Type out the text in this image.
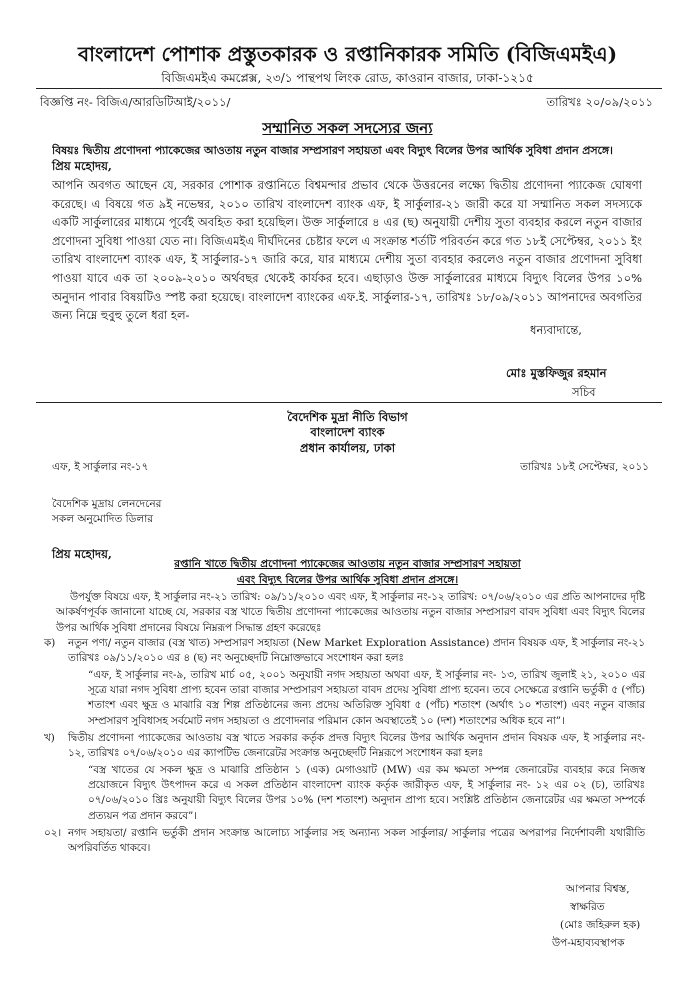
বাংলাদেশ পোশাক প্রস্তুতকারক ও রপ্তানিকারক সমিতি (বিজিএমইএ)
বিজিএমইএ কমপ্লেক্স, ২৩/১ পান্থপথ লিংক রোড, কাওরান বাজার, ঢাকা-১২১৫
বিজ্ঞপ্তি নং- বিজিএ/আরডিটিআই/২০১১/	তারিখঃ ২০/০৯/২০১১
সম্মানিত সকল সদস্যের জন্য
বিষয়ঃ দ্বিতীয় প্রণোদনা প্যাকেজের আওতায় নতুন বাজার সম্প্রসারণ সহায়তা এবং বিদ্যুৎ বিলের উপর আর্থিক সুবিধা প্রদান প্রসঙ্গে।
প্রিয় মহোদয়,
আপনি অবগত আছেন যে, সরকার পোশাক রপ্তানিতে বিশ্বমন্দার প্রভাব থেকে উত্তরনের লক্ষ্যে দ্বিতীয় প্রণোদনা প্যাকেজ ঘোষণা করেছে। এ বিষয়ে গত ৯ই নভেম্বর, ২০১০ তারিখ বাংলাদেশ ব্যাংক এফ, ই সার্কুলার-২১ জারী করে যা সম্মানিত সকল সদস্যকে একটি সার্কুলারের মাধ্যমে পূর্বেই অবহিত করা হয়েছিল। উক্ত সার্কুলারে ৪ এর (ছ) অনুযায়ী দেশীয় সুতা ব্যবহার করলে নতুন বাজার প্রণোদনা সুবিধা পাওয়া যেত না। বিজিএমইএ দীর্ঘদিনের চেষ্টার ফলে এ সংক্রান্ত শর্তটি পরিবর্তন করে গত ১৮ই সেপ্টেম্বর, ২০১১ ইং তারিখ বাংলাদেশ ব্যাংক এফ, ই সার্কুলার-১৭ জারি করে, যার মাধ্যমে দেশীয় সুতা ব্যবহার করলেও নতুন বাজার প্রণোদনা সুবিধা পাওয়া যাবে এক তা ২০০৯-২০১০ অর্থবছর থেকেই কার্যকর হবে। এছাড়াও উক্ত সার্কুলারের মাধ্যমে বিদ্যুৎ বিলের উপর ১০% অনুদান পাবার বিষয়টিও স্পষ্ট করা হয়েছে। বাংলাদেশ ব্যাংকের এফ.ই. সার্কুলার-১৭, তারিখঃ ১৮/০৯/২০১১ আপনাদের অবগতির জন্য নিম্নে হুবুহু তুলে ধরা হল-
ধন্যবাদান্তে,
মোঃ মুস্তফিজুর রহমান
সচিব
বৈদেশিক মুদ্রা নীতি বিভাগ
বাংলাদেশ ব্যাংক
প্রধান কার্যালয়, ঢাকা
এফ, ই সার্কুলার নং-১৭	তারিখঃ ১৮ই সেপ্টেম্বর, ২০১১
বৈদেশিক মুদ্রায় লেনদেনের
সকল অনুমোদিত ডিলার
প্রিয় মহোদয়,
রপ্তানি খাতে দ্বিতীয় প্রণোদনা প্যাকেজের আওতায় নতুন বাজার সম্প্রসারণ সহায়তা
এবং বিদ্যুৎ বিলের উপর আর্থিক সুবিধা প্রদান প্রসঙ্গে।
উপর্যুক্ত বিষয়ে এফ, ই সার্কুলার নং-২১ তারিখ: ০৯/১১/২০১০ এবং এফ, ই সার্কুলার নং-১২ তারিখ: ০৭/০৬/২০১০ এর প্রতি আপনাদের দৃষ্টি আকর্ষণপূর্বক জানানো যাচ্ছে যে, সরকার বস্ত্র খাতে দ্বিতীয় প্রণোদনা প্যাকেজের আওতায় নতুন বাজার সম্প্রসারণ বাবদ সুবিধা এবং বিদ্যুৎ বিলের উপর আর্থিক সুবিধা প্রদানের বিষয়ে নিম্নরূপ সিদ্ধান্ত গ্রহণ করেছেঃ
ক) নতুন পণ্য/ নতুন বাজার (বস্ত্র খাত) সম্প্রসারণ সহায়তা (New Market Exploration Assistance) প্রদান বিষয়ক এফ, ই সার্কুলার নং-২১ তারিখঃ ০৯/১১/২০১০ এর ৪ (ছ) নং অনুচ্ছেদটি নিম্নোক্তভাবে সংশোধন করা হলঃ
“এফ, ই সার্কুলার নং-৯, তারিখ মার্চ ০৫, ২০০১ অনুযায়ী নগদ সহায়তা অথবা এফ, ই সার্কুলার নং- ১৩, তারিখ জুলাই ২১, ২০১০ এর সূত্রে যারা নগদ সুবিধা প্রাপ্য হবেন তারা বাজার সম্প্রসারণ সহায়তা বাবদ প্রদেয় সুবিধা প্রাপ্য হবেন। তবে সেক্ষেত্রে রপ্তানি ভর্তুকী ৫ (পাঁচ) শতাংশ এবং ক্ষুদ্র ও মাঝারি বস্ত্র শিল্প প্রতিষ্ঠানের জন্য প্রদেয় অতিরিক্ত সুবিধা ৫ (পাঁচ) শতাংশ (অর্থাৎ ১০ শতাংশ) এবং নতুন বাজার সম্প্রসারণ সুবিধাসহ সর্বমোট নগদ সহায়তা ও প্রণোদনার পরিমান কোন অবস্থাতেই ১০ (দশ) শতাংশের অধিক হবে না”।
খ) দ্বিতীয় প্রণোদনা প্যাকেজের আওতায় বস্ত্র খাতে সরকার কর্তৃক প্রদত্ত বিদ্যুৎ বিলের উপর আর্থিক অনুদান প্রদান বিষয়ক এফ, ই সার্কুলার নং- ১২, তারিখঃ ০৭/০৬/২০১০ এর ক্যাপটিভ জেনারেটর সংক্রান্ত অনুচ্ছেদটি নিম্নরূপে সংশোধন করা হলঃ
“বস্ত্র খাতের যে সকল ক্ষুদ্র ও মাঝারি প্রতিষ্ঠান ১ (এক) মেগাওয়াট (MW) এর কম ক্ষমতা সম্পন্ন জেনারেটর ব্যবহার করে নিজস্ব প্রয়োজনে বিদ্যুৎ উৎপাদন করে এ সকল প্রতিষ্ঠান বাংলাদেশ ব্যাংক কর্তৃক জারীকৃত এফ, ই সার্কুলার নং- ১২ এর ০২ (চ), তারিখঃ ০৭/০৬/২০১০ খ্রিঃ অনুযায়ী বিদ্যুৎ বিলের উপর ১০% (দশ শতাংশ) অনুদান প্রাপ্য হবে। সংশ্লিষ্ট প্রতিষ্ঠান জেনারেটর এর ক্ষমতা সম্পর্কে প্রত্যয়ন পত্র প্রদান করবে”।
০২। নগদ সহায়তা/ রপ্তানি ভর্তুকী প্রদান সংক্রান্ত আলোচ্য সার্কুলার সহ অন্যান্য সকল সার্কুলার/ সার্কুলার পত্রের অপরাপর নির্দেশাবলী যথারীতি অপরিবর্তিত থাকবে।
আপনার বিশ্বস্ত,
স্বাক্ষরিত
(মোঃ জহিরুল হক)
উপ-মহাব্যবস্থাপক
